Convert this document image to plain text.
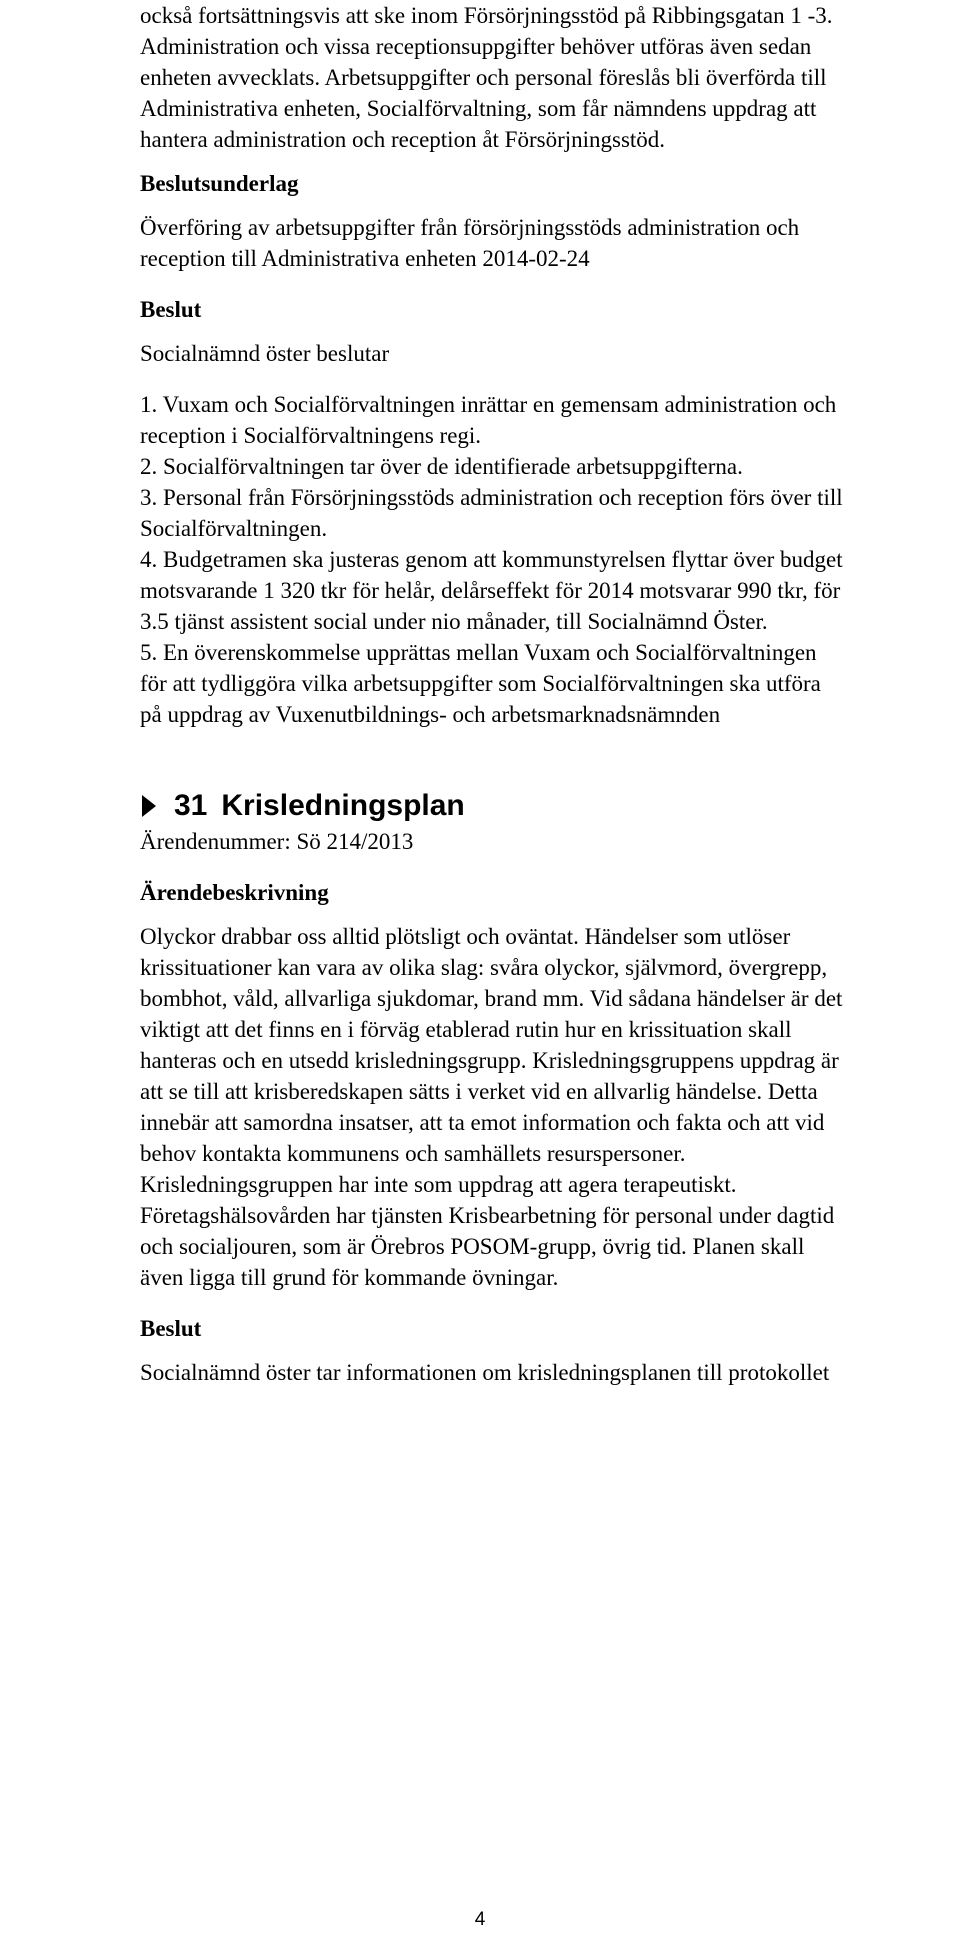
också fortsättningsvis att ske inom Försörjningsstöd på Ribbingsgatan 1 -3.

Administration och vissa receptionsuppgifter behöver utföras även sedan

enheten avvecklats. Arbetsuppgifter och personal föreslås bli överförda till

Administrativa enheten, Socialförvaltning, som får nämndens uppdrag att

hantera administration och reception åt Försörjningsstöd.

Beslutsunderlag

Överföring av arbetsuppgifter från försörjningsstöds administration och

reception till Administrativa enheten 2014-02-24

Beslut

Socialnämnd öster beslutar

1. Vuxam och Socialförvaltningen inrättar en gemensam administration och

reception i Socialförvaltningens regi.

2. Socialförvaltningen tar över de identifierade arbetsuppgifterna.

3. Personal från Försörjningsstöds administration och reception förs över till

Socialförvaltningen.

4. Budgetramen ska justeras genom att kommunstyrelsen flyttar över budget

motsvarande 1 320 tkr för helår, delårseffekt för 2014 motsvarar 990 tkr, för

3.5 tjänst assistent social under nio månader, till Socialnämnd Öster.

5. En överenskommelse upprättas mellan Vuxam och Socialförvaltningen

för att tydliggöra vilka arbetsuppgifter som Socialförvaltningen ska utföra

på uppdrag av Vuxenutbildnings- och arbetsmarknadsnämnden

31 Krisledningsplan

Ärendenummer: Sö 214/2013

Ärendebeskrivning

Olyckor drabbar oss alltid plötsligt och oväntat. Händelser som utlöser

krissituationer kan vara av olika slag: svåra olyckor, självmord, övergrepp,

bombhot, våld, allvarliga sjukdomar, brand mm. Vid sådana händelser är det

viktigt att det finns en i förväg etablerad rutin hur en krissituation skall

hanteras och en utsedd krisledningsgrupp. Krisledningsgruppens uppdrag är

att se till att krisberedskapen sätts i verket vid en allvarlig händelse. Detta

innebär att samordna insatser, att ta emot information och fakta och att vid

behov kontakta kommunens och samhällets resurspersoner.

Krisledningsgruppen har inte som uppdrag att agera terapeutiskt.

Företagshälsovården har tjänsten Krisbearbetning för personal under dagtid

och socialjouren, som är Örebros POSOM-grupp, övrig tid. Planen skall

även ligga till grund för kommande övningar.

Beslut

Socialnämnd öster tar informationen om krisledningsplanen till protokollet

4
